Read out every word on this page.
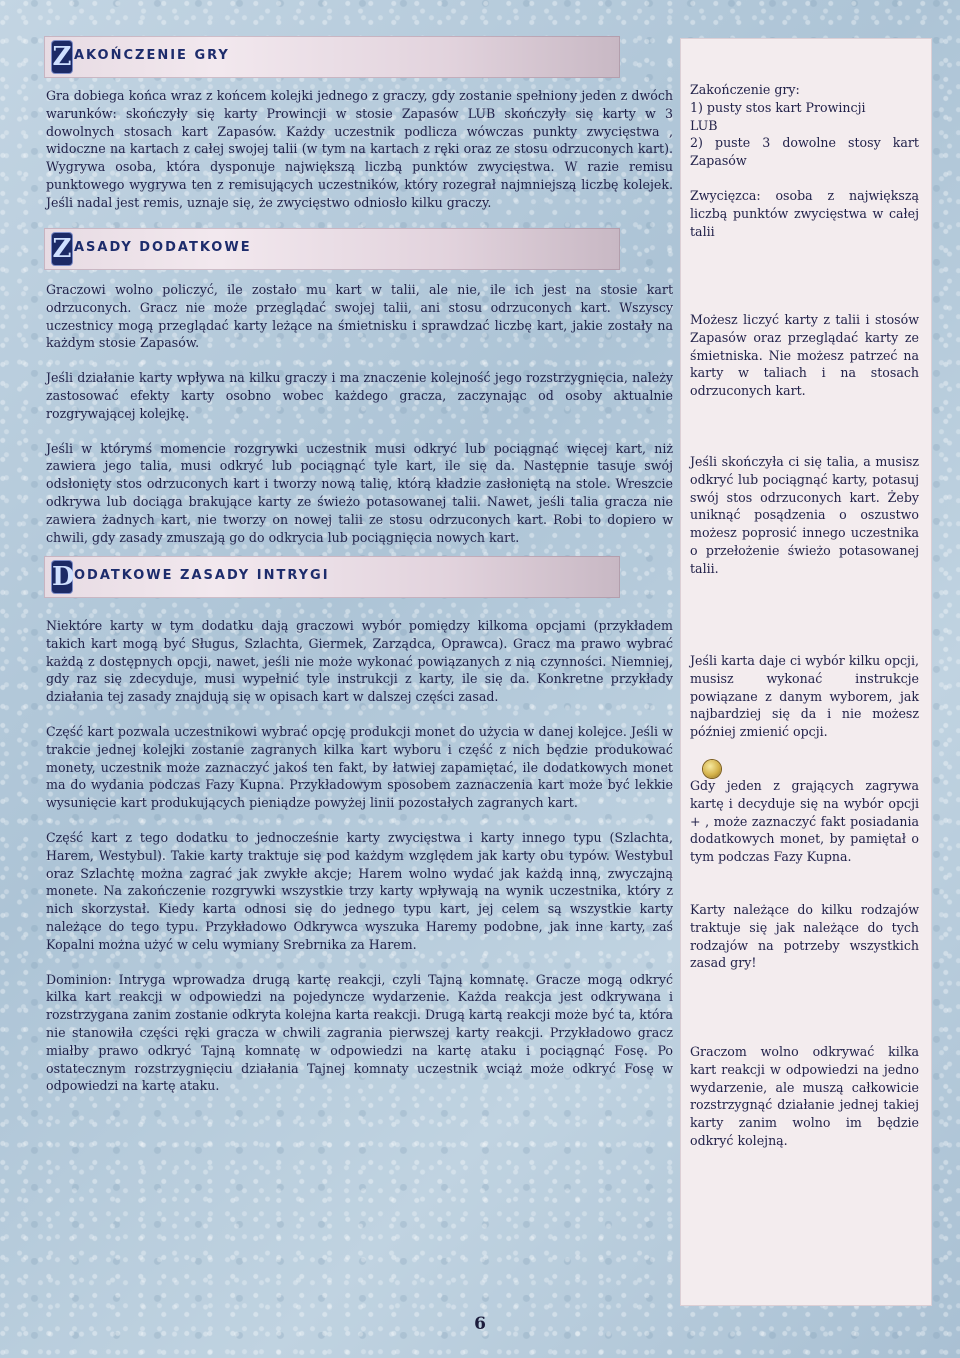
Z AKOŃCZENIE GRY

Gra dobiega końca wraz z końcem kolejki jednego z graczy, gdy zostanie spełniony jeden z dwóch warunków: skończyły się karty Prowincji w stosie Zapasów LUB skończyły się karty w 3 dowolnych stosach kart Zapasów. Każdy uczestnik podlicza wówczas punkty zwycięstwa , widoczne na kartach z całej swojej talii (w tym na kartach z ręki oraz ze stosu odrzuconych kart). Wygrywa osoba, która dysponuje największą liczbą punktów zwycięstwa. W razie remisu punktowego wygrywa ten z remisujących uczestników, który rozegrał najmniejszą liczbę kolejek. Jeśli nadal jest remis, uznaje się, że zwycięstwo odniosło kilku graczy.

Z ASADY DODATKOWE

Graczowi wolno policzyć, ile zostało mu kart w talii, ale nie, ile ich jest na stosie kart odrzuconych. Gracz nie może przeglądać swojej talii, ani stosu odrzuconych kart. Wszyscy uczestnicy mogą przeglądać karty leżące na śmietnisku i sprawdzać liczbę kart, jakie zostały na każdym stosie Zapasów.

Jeśli działanie karty wpływa na kilku graczy i ma znaczenie kolejność jego rozstrzygnięcia, należy zastosować efekty karty osobno wobec każdego gracza, zaczynając od osoby aktualnie rozgrywającej kolejkę.

Jeśli w którymś momencie rozgrywki uczestnik musi odkryć lub pociągnąć więcej kart, niż zawiera jego talia, musi odkryć lub pociągnąć tyle kart, ile się da. Następnie tasuje swój odsłonięty stos odrzuconych kart i tworzy nową talię, którą kładzie zasłoniętą na stole. Wreszcie odkrywa lub dociąga brakujące karty ze świeżo potasowanej talii. Nawet, jeśli talia gracza nie zawiera żadnych kart, nie tworzy on nowej talii ze stosu odrzuconych kart. Robi to dopiero w chwili, gdy zasady zmuszają go do odkrycia lub pociągnięcia nowych kart.

D ODATKOWE ZASADY INTRYGI

Niektóre karty w tym dodatku dają graczowi wybór pomiędzy kilkoma opcjami (przykładem takich kart mogą być Sługus, Szlachta, Giermek, Zarządca, Oprawca). Gracz ma prawo wybrać każdą z dostępnych opcji, nawet, jeśli nie może wykonać powiązanych z nią czynności. Niemniej, gdy raz się zdecyduje, musi wypełnić tyle instrukcji z karty, ile się da. Konkretne przykłady działania tej zasady znajdują się w opisach kart w dalszej części zasad.

Część kart pozwala uczestnikowi wybrać opcję produkcji monet do użycia w danej kolejce. Jeśli w trakcie jednej kolejki zostanie zagranych kilka kart wyboru i część z nich będzie produkować monety, uczestnik może zaznaczyć jakoś ten fakt, by łatwiej zapamiętać, ile dodatkowych monet ma do wydania podczas Fazy Kupna. Przykładowym sposobem zaznaczenia kart może być lekkie wysunięcie kart produkujących pieniądze powyżej linii pozostałych zagranych kart.

Część kart z tego dodatku to jednocześnie karty zwycięstwa i karty innego typu (Szlachta, Harem, Westybul). Takie karty traktuje się pod każdym względem jak karty obu typów. Westybul oraz Szlachtę można zagrać jak zwykłe akcje; Harem wolno wydać jak każdą inną, zwyczajną monete. Na zakończenie rozgrywki wszystkie trzy karty wpływają na wynik uczestnika, który z nich skorzystał. Kiedy karta odnosi się do jednego typu kart, jej celem są wszystkie karty należące do tego typu. Przykładowo Odkrywca wyszuka Haremy podobne, jak inne karty, zaś Kopalni można użyć w celu wymiany Srebrnika za Harem.

Dominion: Intryga wprowadza drugą kartę reakcji, czyli Tajną komnatę. Gracze mogą odkryć kilka kart reakcji w odpowiedzi na pojedyncze wydarzenie. Każda reakcja jest odkrywana i rozstrzygana zanim zostanie odkryta kolejna karta reakcji. Drugą kartą reakcji może być ta, która nie stanowiła części ręki gracza w chwili zagrania pierwszej karty reakcji. Przykładowo gracz miałby prawo odkryć Tajną komnatę w odpowiedzi na kartę ataku i pociągnąć Fosę. Po ostatecznym rozstrzygnięciu działania Tajnej komnaty uczestnik wciąż może odkryć Fosę w odpowiedzi na kartę ataku.

Zakończenie gry:

1) pusty stos kart Prowincji

LUB

2) puste 3 dowolne stosy kart Zapasów

Zwycięzca: osoba z największą liczbą punktów zwycięstwa w całej talii

Możesz liczyć karty z talii i stosów Zapasów oraz przeglądać karty ze śmietniska. Nie możesz patrzeć na karty w taliach i na stosach odrzuconych kart.

Jeśli skończyła ci się talia, a musisz odkryć lub pociągnąć karty, potasuj swój stos odrzuconych kart. Żeby uniknąć posądzenia o oszustwo możesz poprosić innego uczestnika o przełożenie świeżo potasowanej talii.

Jeśli karta daje ci wybór kilku opcji, musisz wykonać instrukcje powiązane z danym wyborem, jak najbardziej się da i nie możesz później zmienić opcji.

Gdy jeden z grających zagrywa kartę i decyduje się na wybór opcji + , może zaznaczyć fakt posiadania dodatkowych monet, by pamiętał o tym podczas Fazy Kupna.

Karty należące do kilku rodzajów traktuje się jak należące do tych rodzajów na potrzeby wszystkich zasad gry!

Graczom wolno odkrywać kilka kart reakcji w odpowiedzi na jedno wydarzenie, ale muszą całkowicie rozstrzygnąć działanie jednej takiej karty zanim wolno im będzie odkryć kolejną.

6
